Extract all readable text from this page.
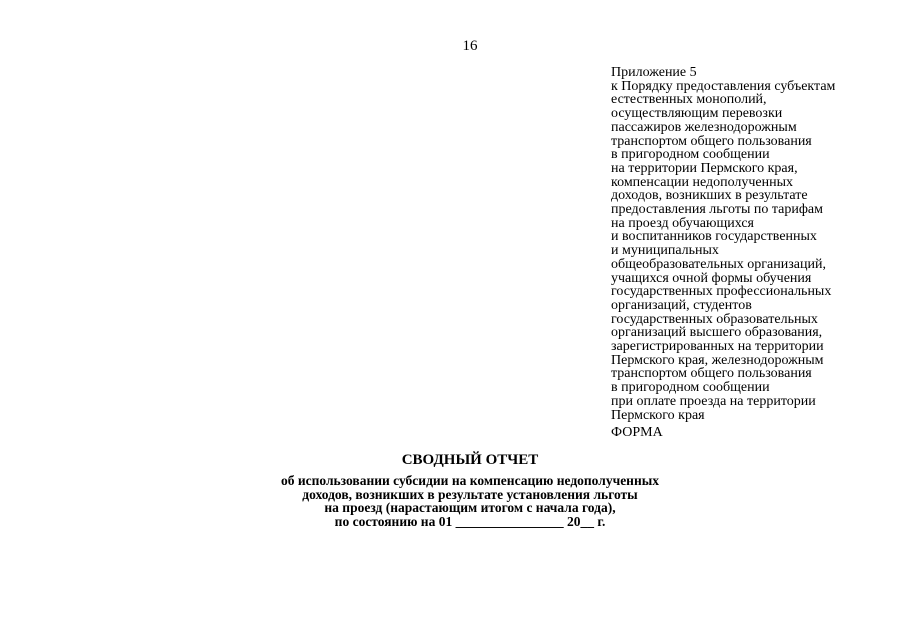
16
Приложение 5
к Порядку предоставления субъектам
естественных монополий,
осуществляющим перевозки
пассажиров железнодорожным
транспортом общего пользования
в пригородном сообщении
на территории Пермского края,
компенсации недополученных
доходов, возникших в результате
предоставления льготы по тарифам
на проезд обучающихся
и воспитанников государственных
и муниципальных
общеобразовательных организаций,
учащихся очной формы обучения
государственных профессиональных
организаций, студентов
государственных образовательных
организаций высшего образования,
зарегистрированных на территории
Пермского края, железнодорожным
транспортом общего пользования
в пригородном сообщении
при оплате проезда на территории
Пермского края
ФОРМА
СВОДНЫЙ ОТЧЕТ
об использовании субсидии на компенсацию недополученных
доходов, возникших в результате установления льготы
на проезд (нарастающим итогом с начала года),
по состоянию на 01 ________________ 20__ г.
